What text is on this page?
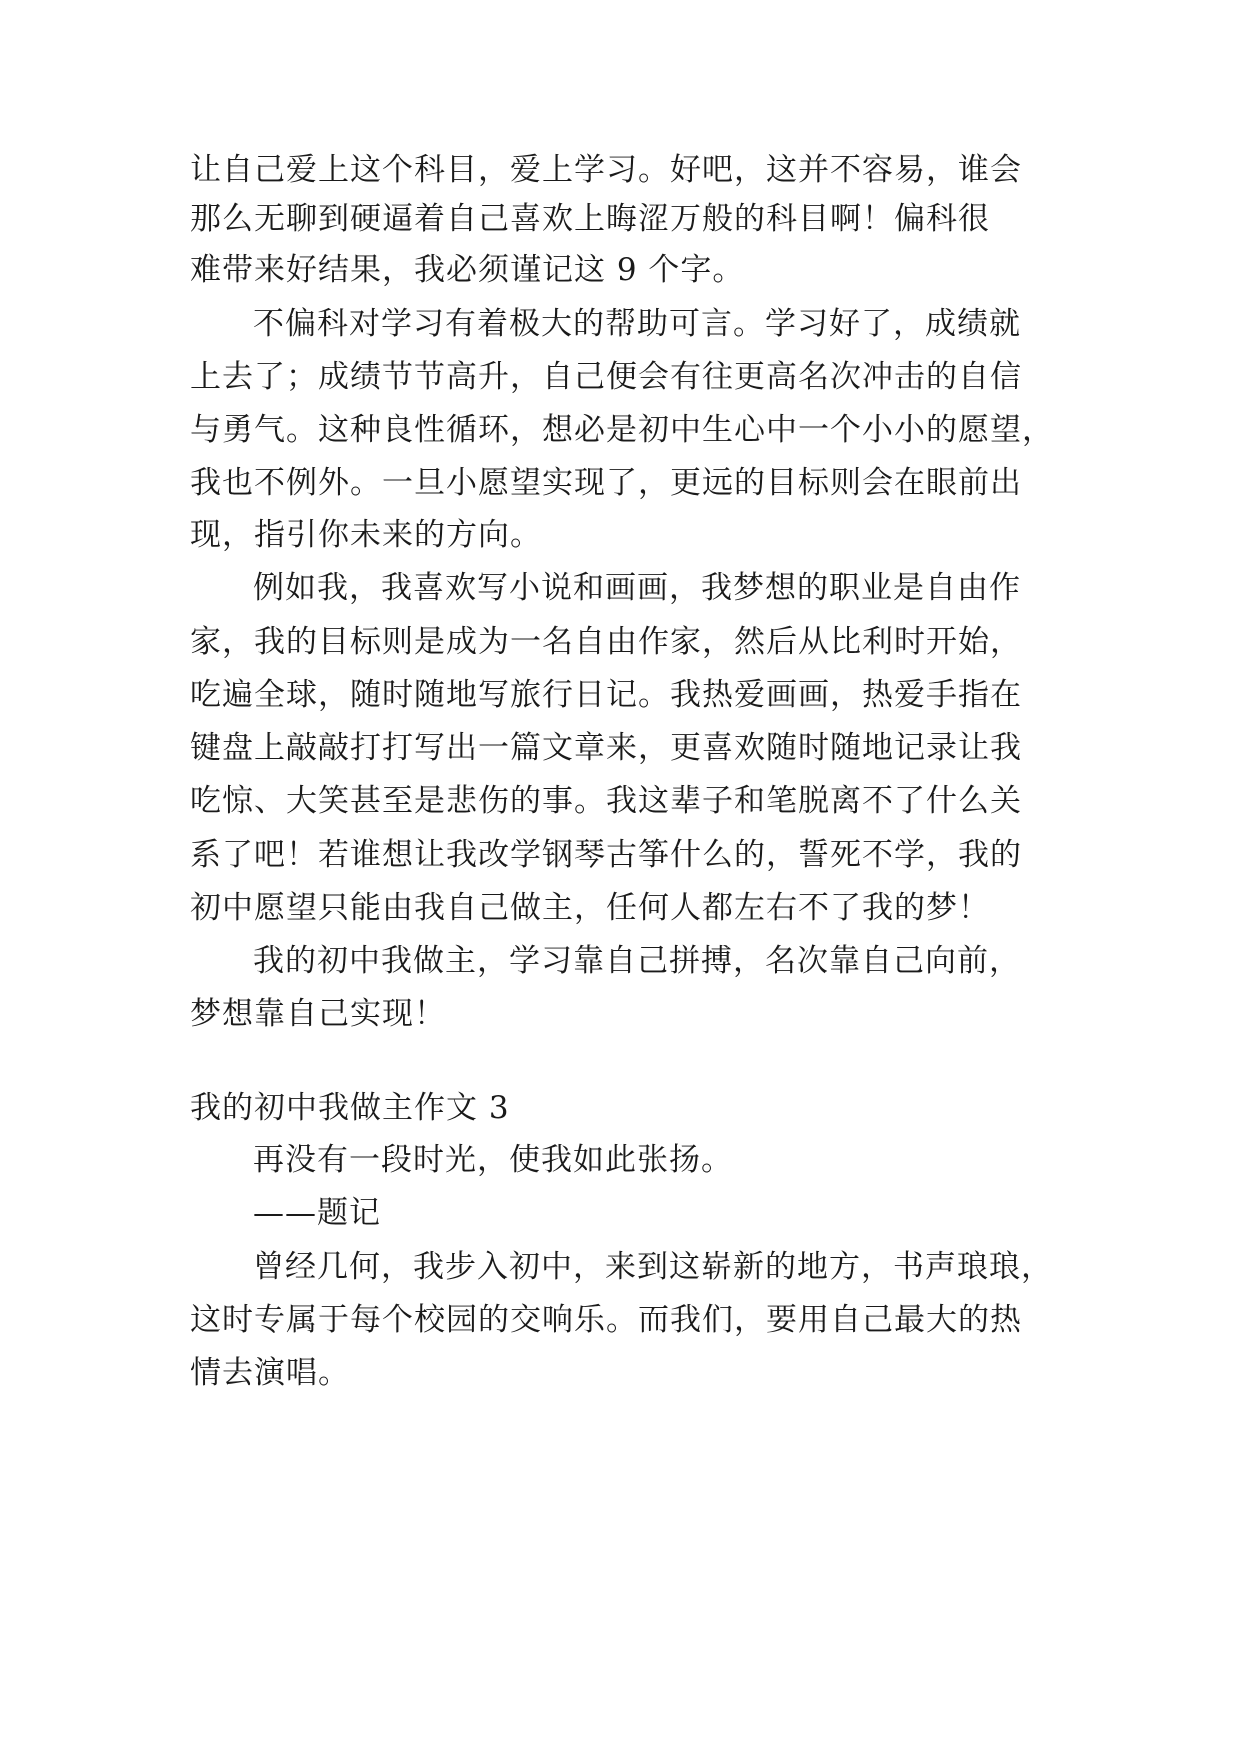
让自己爱上这个科目，爱上学习。好吧，这并不容易，谁会
那么无聊到硬逼着自己喜欢上晦涩万般的科目啊！偏科很
难带来好结果，我必须谨记这 9 个字。
不偏科对学习有着极大的帮助可言。学习好了，成绩就
上去了；成绩节节高升，自己便会有往更高名次冲击的自信
与勇气。这种良性循环，想必是初中生心中一个小小的愿望，
我也不例外。一旦小愿望实现了，更远的目标则会在眼前出
现，指引你未来的方向。
例如我，我喜欢写小说和画画，我梦想的职业是自由作
家，我的目标则是成为一名自由作家，然后从比利时开始，
吃遍全球，随时随地写旅行日记。我热爱画画，热爱手指在
键盘上敲敲打打写出一篇文章来，更喜欢随时随地记录让我
吃惊、大笑甚至是悲伤的事。我这辈子和笔脱离不了什么关
系了吧！若谁想让我改学钢琴古筝什么的，誓死不学，我的
初中愿望只能由我自己做主，任何人都左右不了我的梦！
我的初中我做主，学习靠自己拼搏，名次靠自己向前，
梦想靠自己实现！
我的初中我做主作文 3
再没有一段时光，使我如此张扬。
——题记
曾经几何，我步入初中，来到这崭新的地方，书声琅琅，
这时专属于每个校园的交响乐。而我们，要用自己最大的热
情去演唱。
